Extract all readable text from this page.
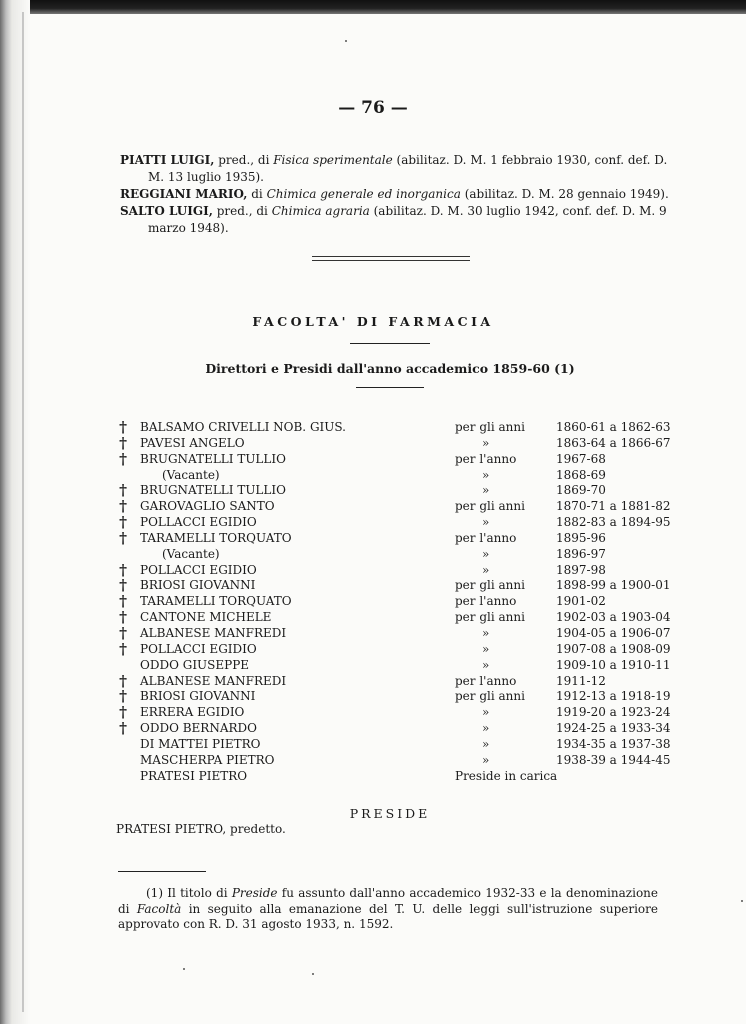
— 76 —

PIATTI LUIGI, pred., di Fisica sperimentale (abilitaz. D. M. 1 febbraio 1930, conf. def. D. M. 13 luglio 1935).

REGGIANI MARIO, di Chimica generale ed inorganica (abilitaz. D. M. 28 gennaio 1949).

SALTO LUIGI, pred., di Chimica agraria (abilitaz. D. M. 30 luglio 1942, conf. def. D. M. 9 marzo 1948).

FACOLTA' DI FARMACIA
Direttori e Presidi dall'anno accademico 1859-60 (1)
† BALSAMO CRIVELLI NOB. GIUS.	per gli anni	1860-61 a 1862-63
† PAVESI ANGELO	»	1863-64 a 1866-67
† BRUGNATELLI TULLIO	per l'anno	1967-68
(Vacante)	»	1868-69
† BRUGNATELLI TULLIO	»	1869-70
† GAROVAGLIO SANTO	per gli anni	1870-71 a 1881-82
† POLLACCI EGIDIO	»	1882-83 a 1894-95
† TARAMELLI TORQUATO	per l'anno	1895-96
(Vacante)	»	1896-97
† POLLACCI EGIDIO	»	1897-98
† BRIOSI GIOVANNI	per gli anni	1898-99 a 1900-01
† TARAMELLI TORQUATO	per l'anno	1901-02
† CANTONE MICHELE	per gli anni	1902-03 a 1903-04
† ALBANESE MANFREDI	»	1904-05 a 1906-07
† POLLACCI EGIDIO	»	1907-08 a 1908-09
ODDO GIUSEPPE	»	1909-10 a 1910-11
† ALBANESE MANFREDI	per l'anno	1911-12
† BRIOSI GIOVANNI	per gli anni	1912-13 a 1918-19
† ERRERA EGIDIO	»	1919-20 a 1923-24
† ODDO BERNARDO	»	1924-25 a 1933-34
DI MATTEI PIETRO	»	1934-35 a 1937-38
MASCHERPA PIETRO	»	1938-39 a 1944-45
PRATESI PIETRO	Preside in carica
PRESIDE
PRATESI PIETRO, predetto.
(1) Il titolo di Preside fu assunto dall'anno accademico 1932-33 e la denominazione di Facoltà in seguito alla emanazione del T. U. delle leggi sull'istruzione superiore approvato con R. D. 31 agosto 1933, n. 1592.
